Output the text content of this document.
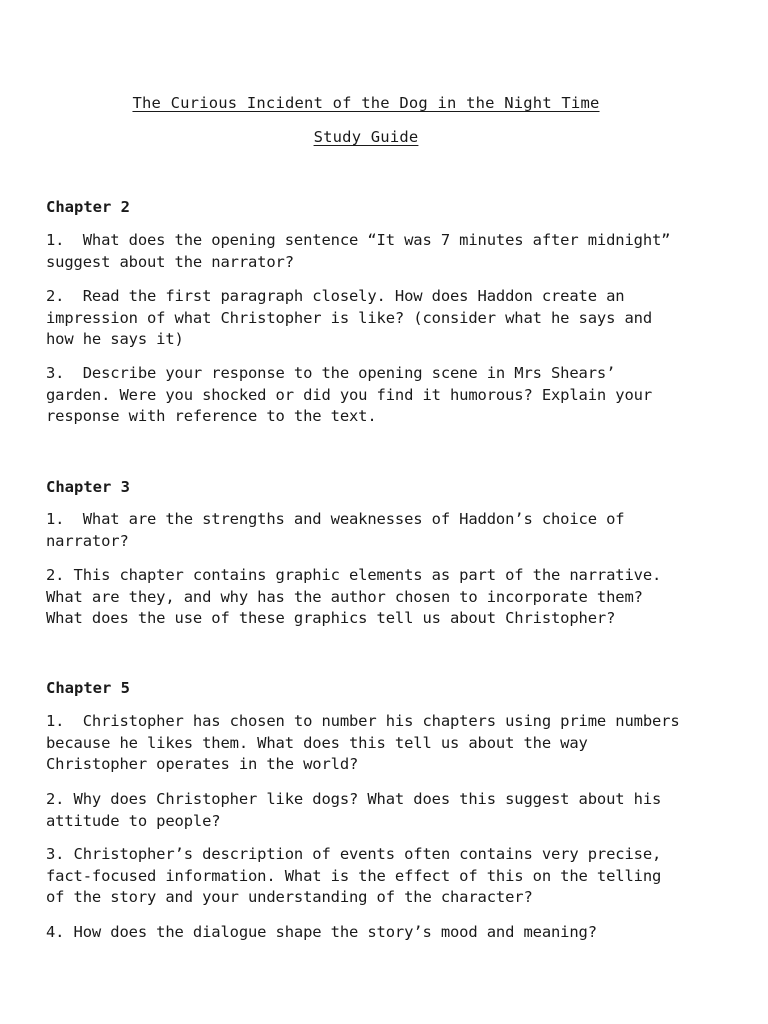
The Curious Incident of the Dog in the Night Time
Study Guide
Chapter 2

1.  What does the opening sentence “It was 7 minutes after midnight”
suggest about the narrator?

2.  Read the first paragraph closely. How does Haddon create an
impression of what Christopher is like? (consider what he says and
how he says it)

3.  Describe your response to the opening scene in Mrs Shears’
garden. Were you shocked or did you find it humorous? Explain your
response with reference to the text.

Chapter 3

1.  What are the strengths and weaknesses of Haddon’s choice of
narrator?

2. This chapter contains graphic elements as part of the narrative.
What are they, and why has the author chosen to incorporate them?
What does the use of these graphics tell us about Christopher?

Chapter 5

1.  Christopher has chosen to number his chapters using prime numbers
because he likes them. What does this tell us about the way
Christopher operates in the world?

2. Why does Christopher like dogs? What does this suggest about his
attitude to people?

3. Christopher’s description of events often contains very precise,
fact-focused information. What is the effect of this on the telling
of the story and your understanding of the character?

4. How does the dialogue shape the story’s mood and meaning?
